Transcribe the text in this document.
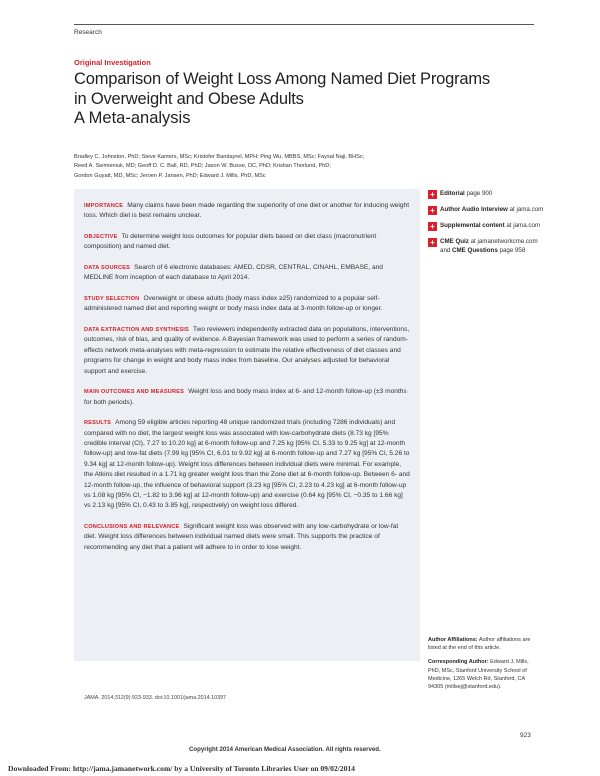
Research
Original Investigation
Comparison of Weight Loss Among Named Diet Programs
in Overweight and Obese Adults
A Meta-analysis
Bradley C. Johnston, PhD; Steve Kanters, MSc; Kristofer Bandayrel, MPH; Ping Wu, MBBS, MSc; Faysal Naji, BHSc;
Reed A. Siemieniuk, MD; Geoff D. C. Ball, RD, PhD; Jason W. Busse, DC, PhD; Kristian Thorlund, PhD;
Gordon Guyatt, MD, MSc; Jeroen P. Jansen, PhD; Edward J. Mills, PhD, MSc

IMPORTANCE Many claims have been made regarding the superiority of one diet or another for inducing weight loss. Which diet is best remains unclear.

OBJECTIVE To determine weight loss outcomes for popular diets based on diet class (macronutrient composition) and named diet.

DATA SOURCES Search of 6 electronic databases: AMED, CDSR, CENTRAL, CINAHL, EMBASE, and MEDLINE from inception of each database to April 2014.

STUDY SELECTION Overweight or obese adults (body mass index ≥25) randomized to a popular self-administered named diet and reporting weight or body mass index data at 3-month follow-up or longer.

DATA EXTRACTION AND SYNTHESIS Two reviewers independently extracted data on populations, interventions, outcomes, risk of bias, and quality of evidence. A Bayesian framework was used to perform a series of random-effects network meta-analyses with meta-regression to estimate the relative effectiveness of diet classes and programs for change in weight and body mass index from baseline. Our analyses adjusted for behavioral support and exercise.

MAIN OUTCOMES AND MEASURES Weight loss and body mass index at 6- and 12-month follow-up (±3 months for both periods).

RESULTS Among 59 eligible articles reporting 48 unique randomized trials (including 7286 individuals) and compared with no diet, the largest weight loss was associated with low-carbohydrate diets (8.73 kg [95% credible interval (CI), 7.27 to 10.20 kg] at 6-month follow-up and 7.25 kg [95% CI, 5.33 to 9.25 kg] at 12-month follow-up) and low-fat diets (7.99 kg [95% CI, 6.01 to 9.92 kg] at 6-month follow-up and 7.27 kg [95% CI, 5.26 to 9.34 kg] at 12-month follow-up). Weight loss differences between individual diets were minimal. For example, the Atkins diet resulted in a 1.71 kg greater weight loss than the Zone diet at 6-month follow-up. Between 6- and 12-month follow-up, the influence of behavioral support (3.23 kg [95% CI, 2.23 to 4.23 kg] at 6-month follow-up vs 1.08 kg [95% CI, −1.82 to 3.96 kg] at 12-month follow-up) and exercise (0.64 kg [95% CI, −0.35 to 1.66 kg] vs 2.13 kg [95% CI, 0.43 to 3.85 kg], respectively) on weight loss differed.

CONCLUSIONS AND RELEVANCE Significant weight loss was observed with any low-carbohydrate or low-fat diet. Weight loss differences between individual named diets were small. This supports the practice of recommending any diet that a patient will adhere to in order to lose weight.

JAMA. 2014;312(9):923-933. doi:10.1001/jama.2014.10397
+ Editorial page 900
+ Author Audio Interview at jama.com
+ Supplemental content at jama.com
+ CME Quiz at jamanetworkcme.com and CME Questions page 958

Author Affiliations: Author affiliations are listed at the end of this article.

Corresponding Author: Edward J. Mills, PhD, MSc, Stanford University School of Medicine, 1265 Welch Rd, Stanford, CA 94305 (millsej@stanford.edu).

923
Copyright 2014 American Medical Association. All rights reserved.
Downloaded From: http://jama.jamanetwork.com/ by a University of Toronto Libraries User on 09/02/2014
